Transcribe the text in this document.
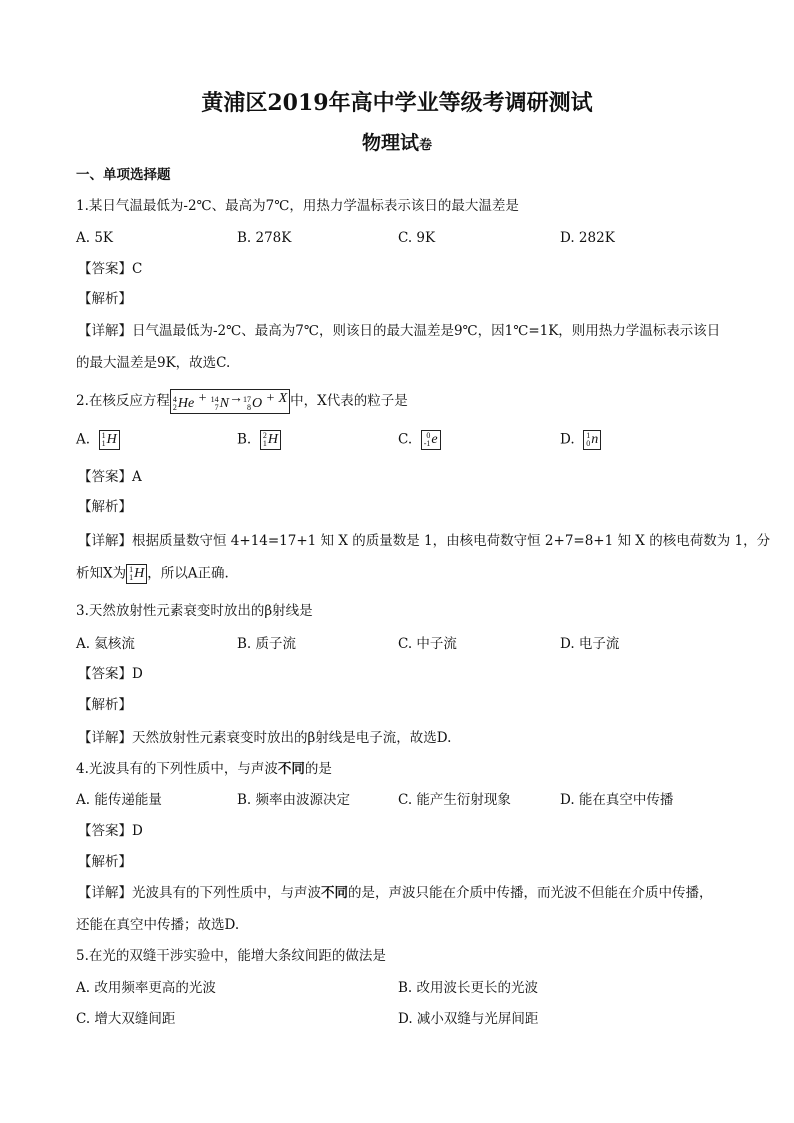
黄浦区2019年高中学业等级考调研测试
物理试卷
一、单项选择题
1.某日气温最低为-2℃、最高为7℃，用热力学温标表示该日的最大温差是
A. 5K	B. 278K	C. 9K	D. 282K
【答案】C
【解析】
【详解】日气温最低为-2℃、最高为7℃，则该日的最大温差是9℃，因1℃=1K，则用热力学温标表示该日
的最大温差是9K，故选C.
2.在核反应方程 4
2 He + 14
7 N → 17
8 O + X 中，X代表的粒子是
A. 1
1 H	B. 2
1 H	C.	0
-1 e	D. 1
0 n
【答案】A
【解析】
【详解】根据质量数守恒 4+14=17+1 知 X 的质量数是 1，由核电荷数守恒 2+7=8+1 知 X 的核电荷数为 1，分
析知X为 1
1 H ，所以A正确.
3.天然放射性元素衰变时放出的β射线是
A. 氦核流	B. 质子流	C. 中子流	D. 电子流
【答案】D
【解析】
【详解】天然放射性元素衰变时放出的β射线是电子流，故选D.
4.光波具有的下列性质中，与声波不同的是
A. 能传递能量	B. 频率由波源决定	C. 能产生衍射现象	D. 能在真空中传播
【答案】D
【解析】
【详解】光波具有的下列性质中，与声波不同的是，声波只能在介质中传播，而光波不但能在介质中传播，
还能在真空中传播；故选D.
5.在光的双缝干涉实验中，能增大条纹间距的做法是
A. 改用频率更高的光波	B. 改用波长更长的光波
C. 增大双缝间距	D. 减小双缝与光屏间距
